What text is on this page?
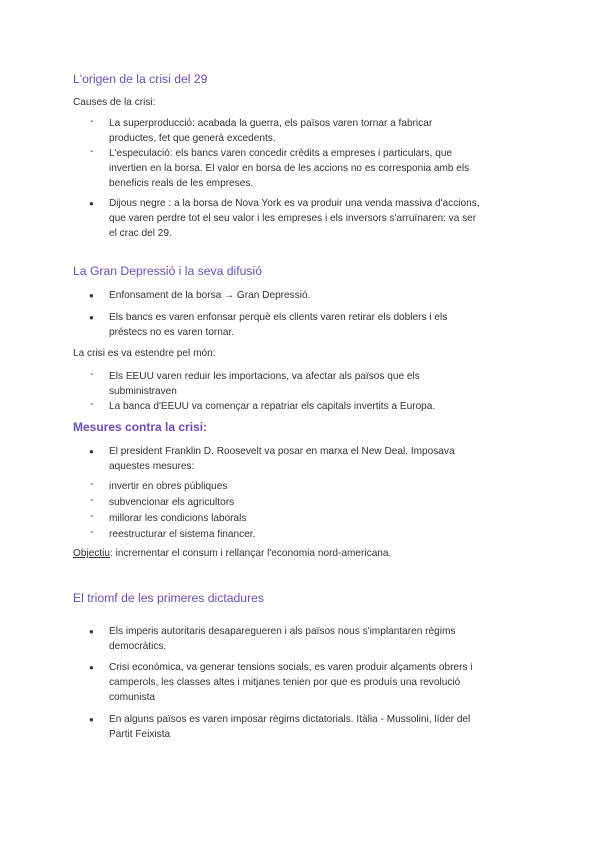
L'origen de la crisi del 29
Causes de la crisi:
- La superproducció: acabada la guerra, els països varen tornar a fabricar
productes, fet que generà excedents.
- L'especulació: els bancs varen concedir crèdits a empreses i particulars, que
invertien en la borsa. El valor en borsa de les accions no es corresponia amb els
beneficis reals de les empreses.
● Dijous negre : a la borsa de Nova York es va produir una venda massiva d'accions,
que varen perdre tot el seu valor i les empreses i els inversors s'arruïnaren: va ser
el crac del 29.
La Gran Depressió i la seva difusió
● Enfonsament de la borsa → Gran Depressió.
● Els bancs es varen enfonsar perquè els clients varen retirar els doblers i els
préstecs no es varen tornar.
La crisi es va estendre pel món:
- Els EEUU varen reduir les importacions, va afectar als països que els
subministraven
- La banca d'EEUU va començar a repatriar els capitals invertits a Europa.
Mesures contra la crisi:
● El president Franklin D. Roosevelt va posar en marxa el New Deal. Imposava
aquestes mesures:
- invertir en obres públiques
- subvencionar els agricultors
- millorar les condicions laborals
- reestructurar el sistema financer.
Objectiu: incrementar el consum i rellançar l'economia nord-americana.
El triomf de les primeres dictadures
● Els imperis autoritaris desaparegueren i als països nous s'implantaren règims
democràtics.
● Crisi econòmica, va generar tensions socials, es varen produir alçaments obrers i
camperols, les classes altes i mitjanes tenien por que es produís una revolució
comunista
● En alguns països es varen imposar règims dictatorials. Itàlia - Mussolini, líder del
Partit Feixista
